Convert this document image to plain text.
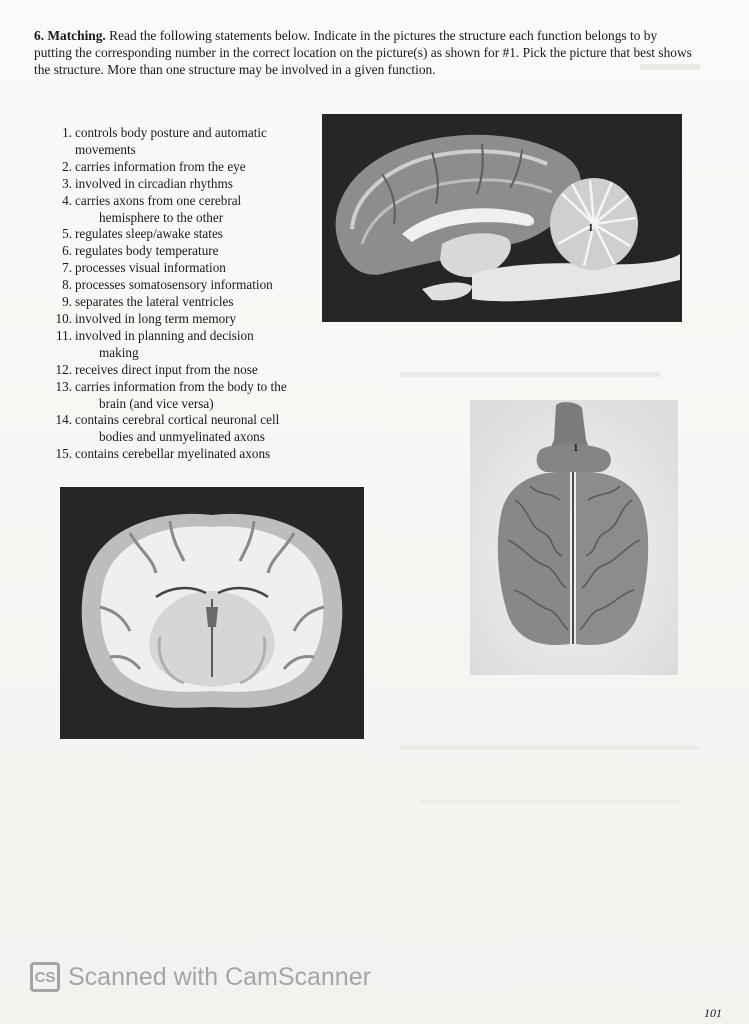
6. Matching. Read the following statements below. Indicate in the pictures the structure each function belongs to by putting the corresponding number in the correct location on the picture(s) as shown for #1. Pick the picture that best shows the structure. More than one structure may be involved in a given function.
1. controls body posture and automatic
movements
2. carries information from the eye
3. involved in circadian rhythms
4. carries axons from one cerebral
hemisphere to the other
5. regulates sleep/awake states
6. regulates body temperature
7. processes visual information
8. processes somatosensory information
9. separates the lateral ventricles
10. involved in long term memory
11. involved in planning and decision
making
12. receives direct input from the nose
13. carries information from the body to the
brain (and vice versa)
14. contains cerebral cortical neuronal cell
bodies and unmyelinated axons
15. contains cerebellar myelinated axons
1
1
CS Scanned with CamScanner
101
